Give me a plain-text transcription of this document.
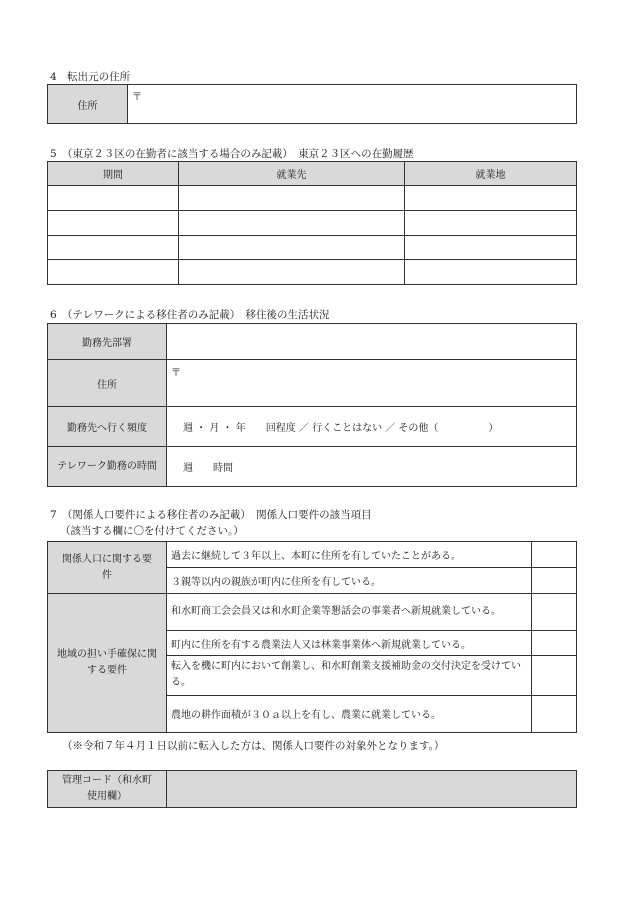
4　転出元の住所
住所	〒
5　（東京２３区の在勤者に該当する場合のみ記載）　東京２３区への在勤履歴
期間	就業先	就業地

6　（テレワークによる移住者のみ記載）　移住後の生活状況
勤務先部署	
住所	〒
勤務先へ行く頻度	週 ・ 月 ・ 年　　回程度 ／ 行くことはない ／ その他（　　　　　）
テレワーク勤務の時間	週　　時間
7　（関係人口要件による移住者のみ記載）　関係人口要件の該当項目
（該当する欄に〇を付けてください。）
関係人口に関する要件	過去に継続して３年以上、本町に住所を有していたことがある。	
	３親等以内の親族が町内に住所を有している。	
地域の担い手確保に関する要件	和水町商工会会員又は和水町企業等懇話会の事業者へ新規就業している。	
	町内に住所を有する農業法人又は林業事業体へ新規就業している。	
	転入を機に町内において創業し、和水町創業支援補助金の交付決定を受けている。	
	農地の耕作面積が３０ａ以上を有し、農業に就業している。	
（※令和７年４月１日以前に転入した方は、関係人口要件の対象外となります。）
管理コード（和水町使用欄）	
